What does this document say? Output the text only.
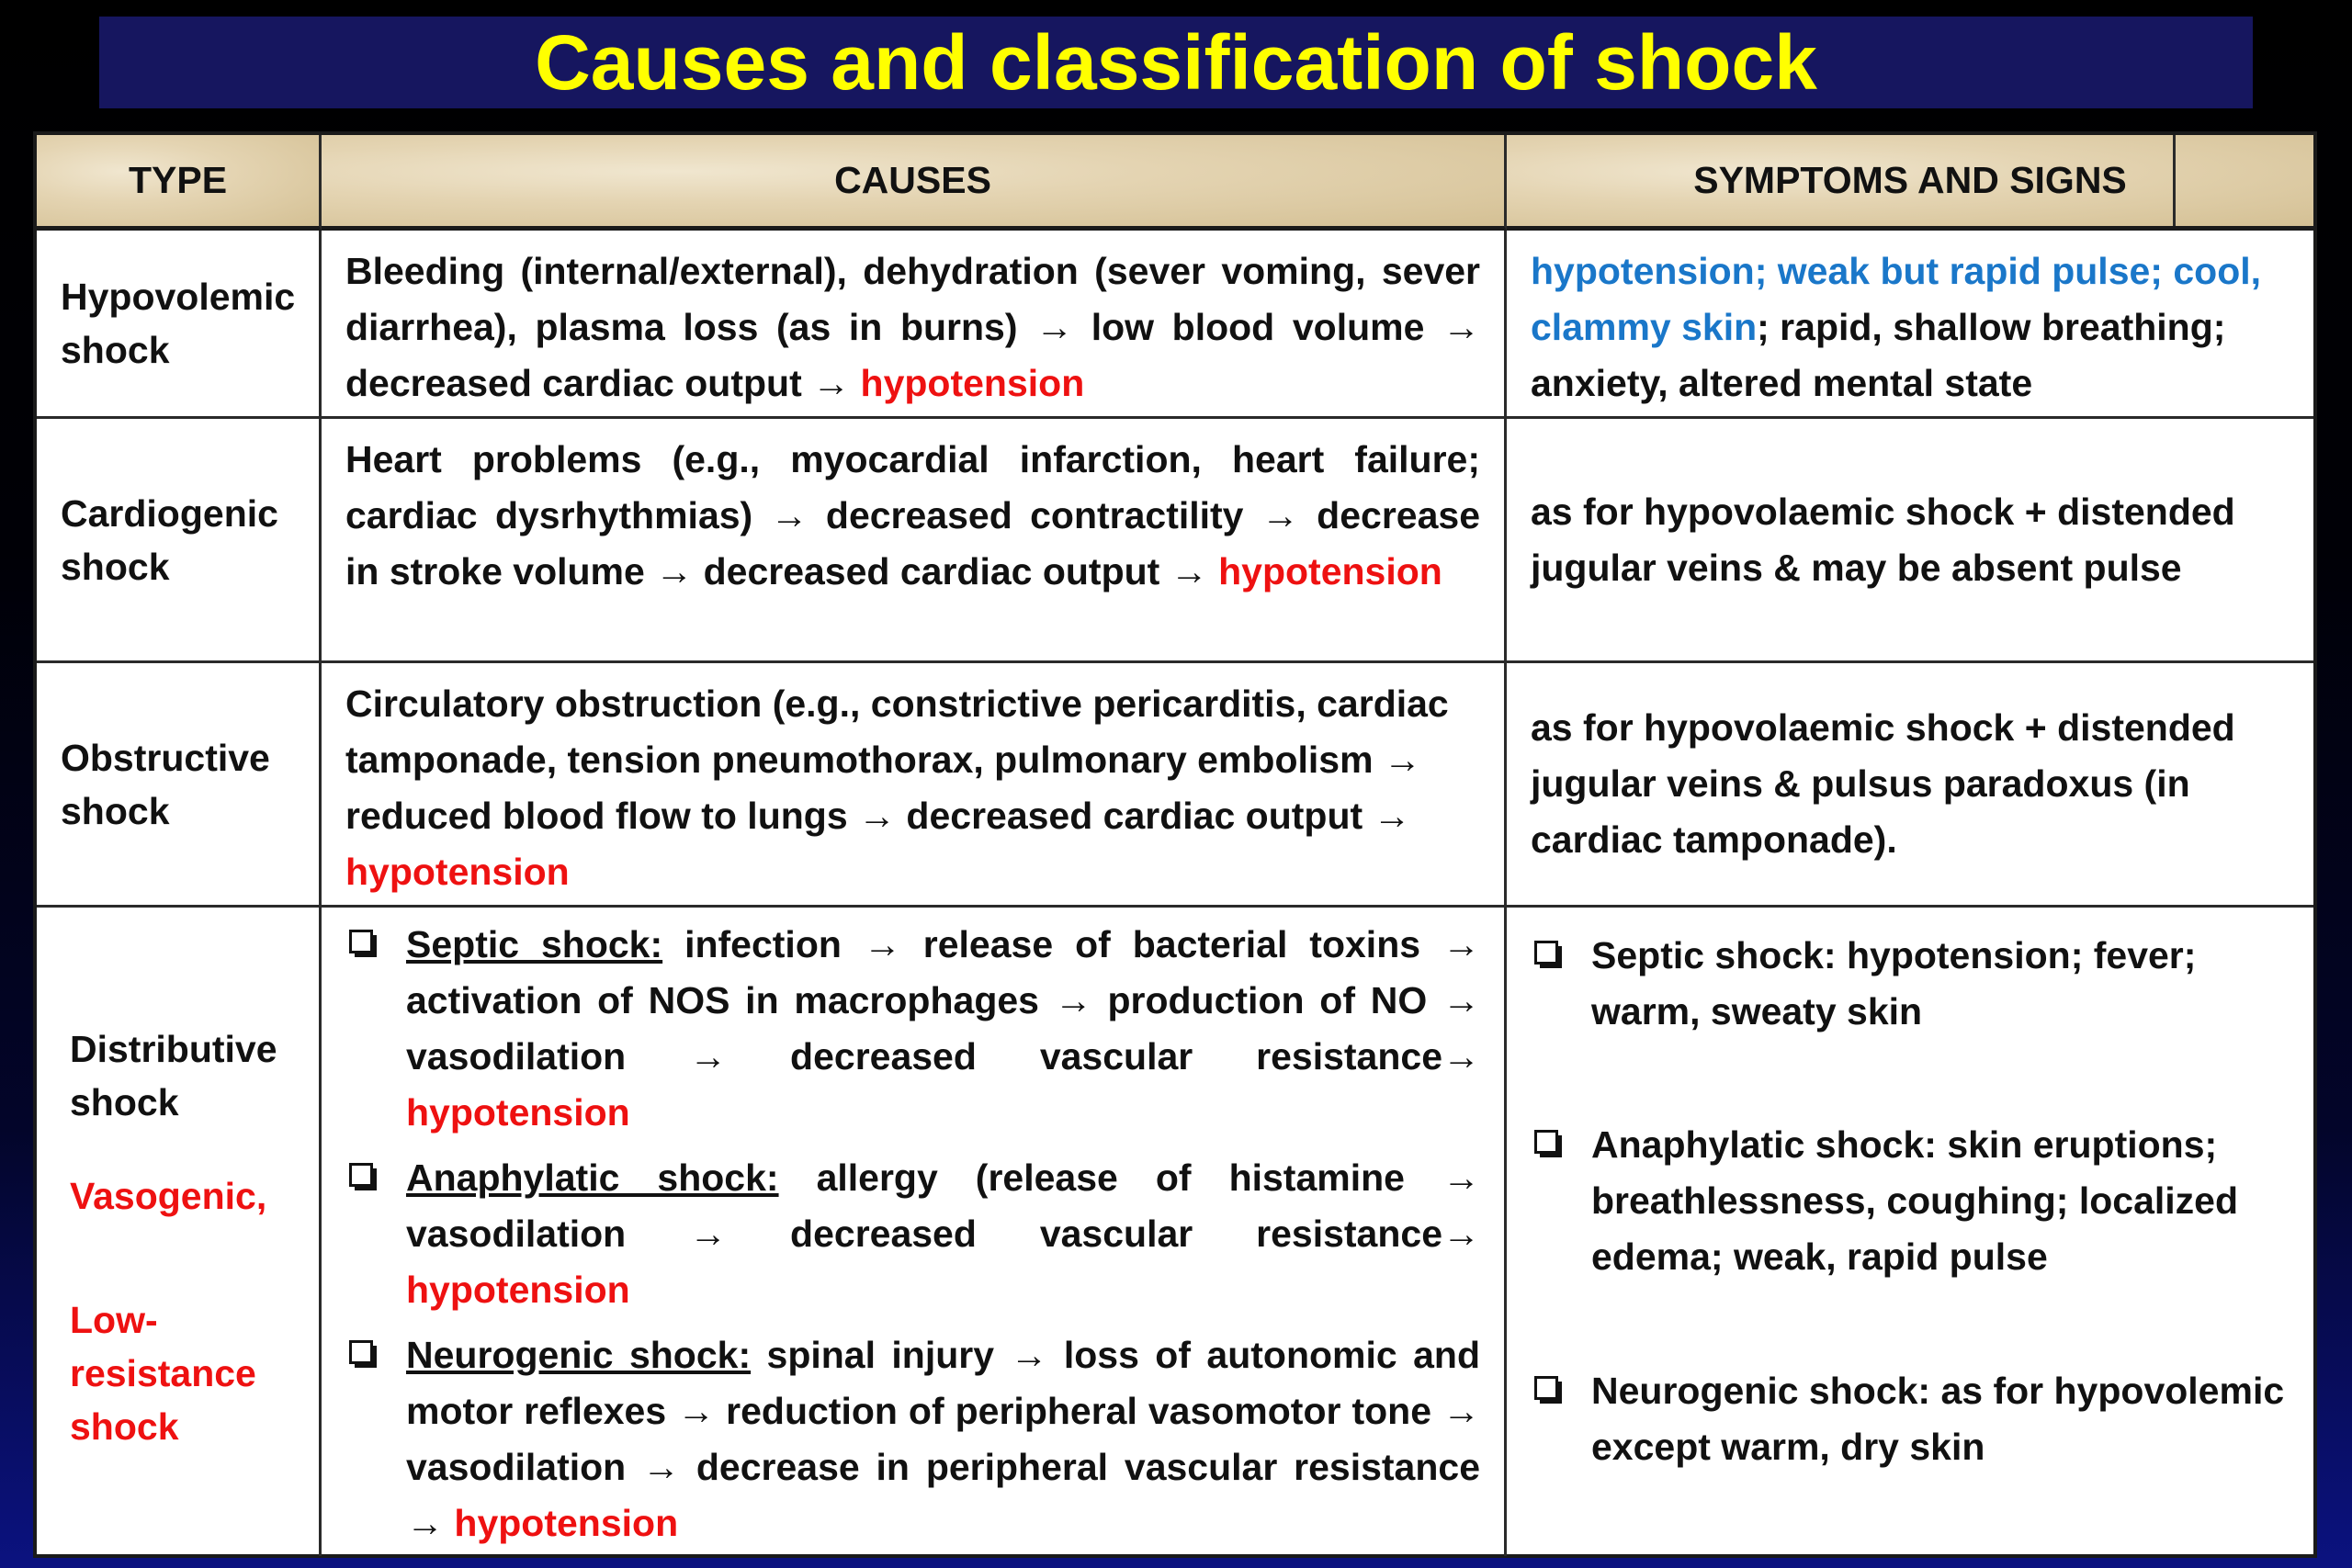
Causes and classification of shock
TYPE	CAUSES	SYMPTOMS AND SIGNS
Hypovolemic
shock
Bleeding (internal/external), dehydration (sever voming, sever diarrhea), plasma loss (as in burns) → low blood volume → decreased cardiac output → hypotension
hypotension; weak but rapid pulse; cool, clammy skin; rapid, shallow breathing; anxiety, altered mental state
Cardiogenic
shock
Heart problems (e.g., myocardial infarction, heart failure; cardiac dysrhythmias) → decreased contractility → decrease in stroke volume → decreased cardiac output → hypotension
as for hypovolaemic shock + distended jugular veins & may be absent pulse
Obstructive
shock
Circulatory obstruction (e.g., constrictive pericarditis, cardiac tamponade, tension pneumothorax, pulmonary embolism → reduced blood flow to lungs → decreased cardiac output → hypotension
as for hypovolaemic shock + distended jugular veins & pulsus paradoxus (in cardiac tamponade).
Distributive
shock
Vasogenic,
Low-
resistance
shock
Septic shock: infection → release of bacterial toxins → activation of NOS in macrophages → production of NO → vasodilation → decreased vascular resistance→ hypotension
Anaphylatic shock: allergy (release of histamine → vasodilation → decreased vascular resistance→ hypotension
Neurogenic shock: spinal injury → loss of autonomic and motor reflexes → reduction of peripheral vasomotor tone → vasodilation → decrease in peripheral vascular resistance → hypotension
Septic shock: hypotension; fever; warm, sweaty skin
Anaphylatic shock: skin eruptions; breathlessness, coughing; localized edema; weak, rapid pulse
Neurogenic shock: as for hypovolemic except warm, dry skin
